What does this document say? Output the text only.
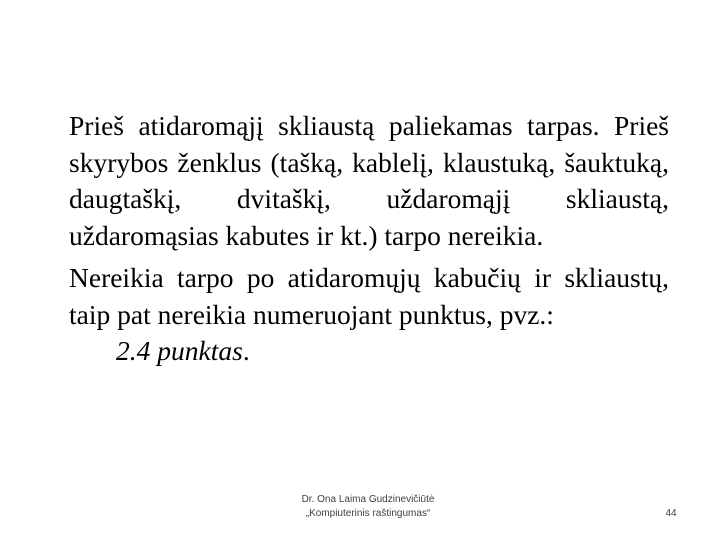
Prieš atidaromąjį skliaustą paliekamas tarpas. Prieš skyrybos ženklus (tašką, kablelį, klaustuką, šauktuką, daugtaškį, dvitaškį, uždaromąjį skliaustą, uždaromąsias kabutes ir kt.) tarpo nereikia.

Nereikia tarpo po atidaromųjų kabučių ir skliaustų, taip pat nereikia numeruojant punktus, pvz.:

2.4 punktas.

Dr. Ona Laima Gudzinevičiūtė
„Kompiuterinis raštingumas“	44
